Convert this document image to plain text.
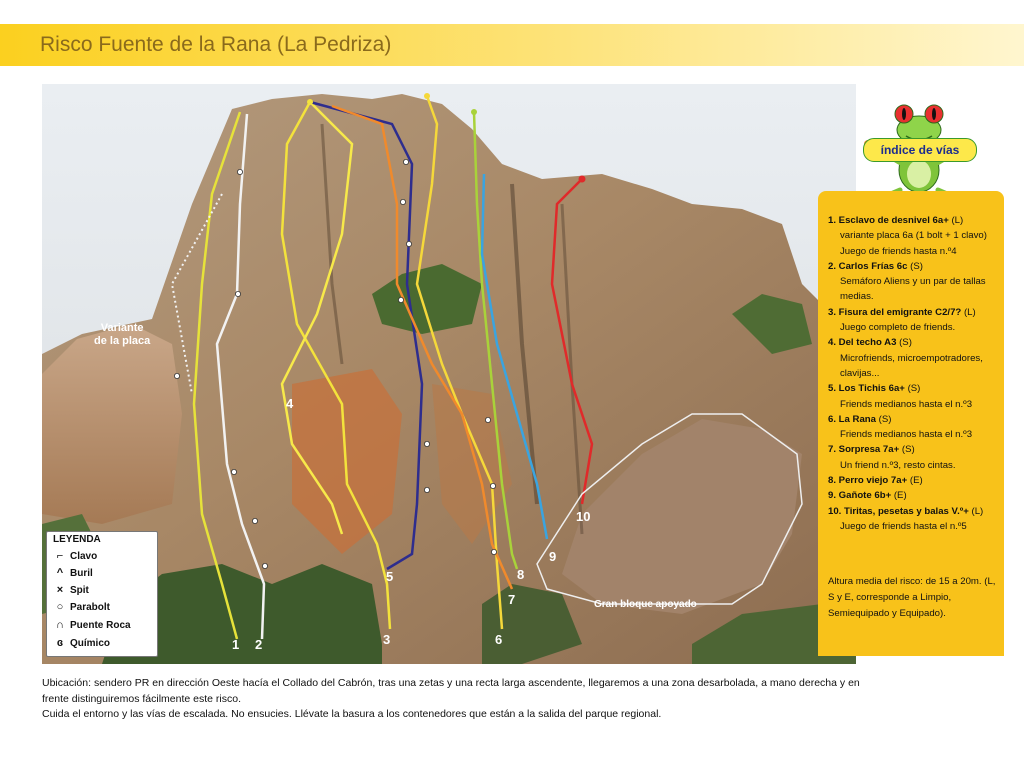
Risco Fuente de la Rana (La Pedriza)
1 2	3
4
5
6
7
8
9
10
Variante
de la placa
Gran bloque apoyado
LEYENDA
⌐ Clavo
^ Buril
× Spit
○ Parabolt
∩ Puente Roca
ɞ Químico
índice de vías
1. Esclavo de desnivel 6a+ (L)
variante placa 6a (1 bolt + 1 clavo)
Juego de friends hasta n.º4
2. Carlos Frías 6c (S)
Semáforo Aliens y un par de tallas medias.
3. Fisura del emigrante C2/7? (L)
Juego completo de friends.
4. Del techo A3 (S)
Microfriends, microempotradores, clavijas...
5. Los Tichis 6a+ (S)
Friends medianos hasta el n.º3
6. La Rana (S)
Friends medianos hasta el n.º3
7. Sorpresa 7a+ (S)
Un friend n.º3, resto cintas.
8. Perro viejo 7a+ (E)
9. Gañote 6b+ (E)
10. Tiritas, pesetas y balas V.º+ (L)
Juego de friends hasta el n.º5
Altura media del risco: de 15 a 20m. (L, S y E, corresponde a Limpio, Semiequipado y Equipado).

Ubicación: sendero PR en dirección Oeste hacía el Collado del Cabrón, tras una zetas y una recta larga ascendente, llegaremos a una zona desarbolada, a mano derecha y en frente distinguiremos fácilmente este risco.

Cuida el entorno y las vías de escalada. No ensucies. Llévate la basura a los contenedores que están a la salida del parque regional.
